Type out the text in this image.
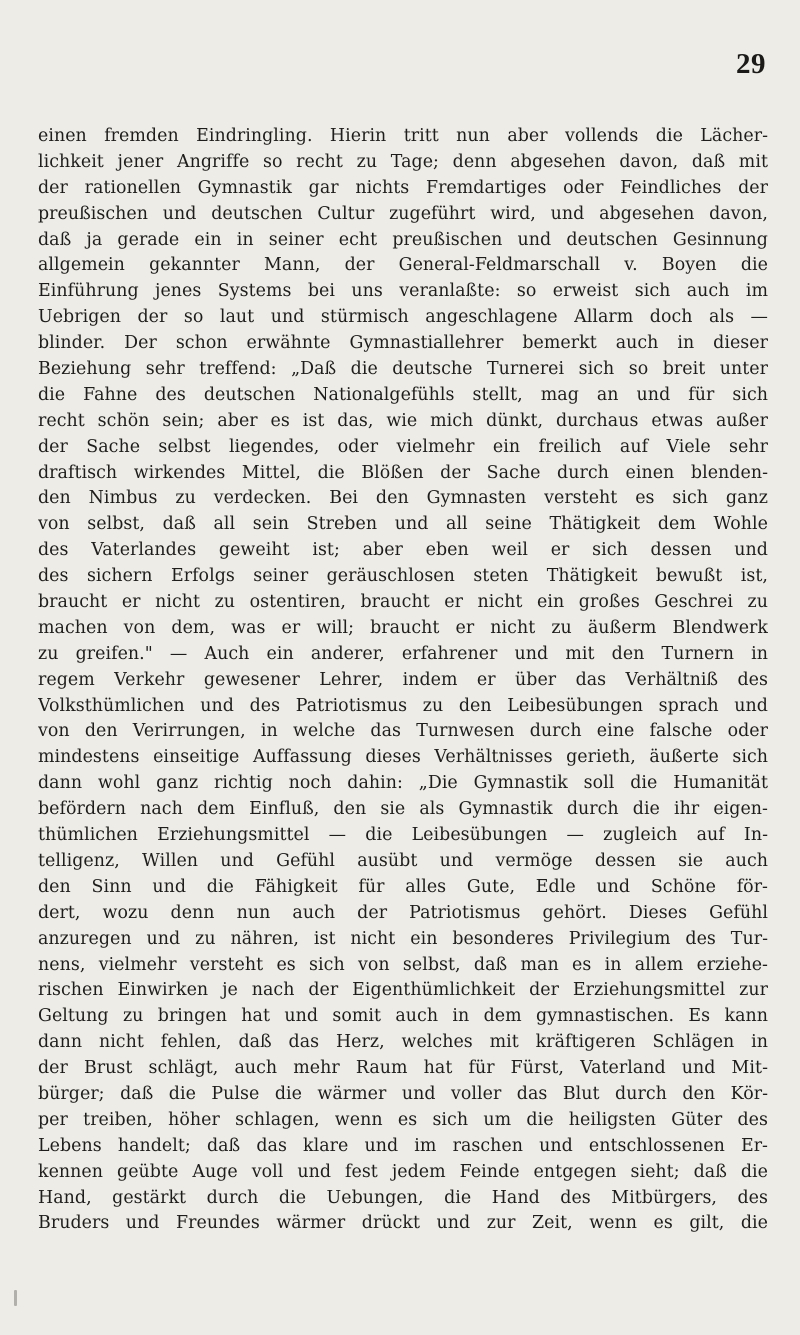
29
einen fremden Eindringling. Hierin tritt nun aber vollends die Lächer-
lichkeit jener Angriffe so recht zu Tage; denn abgesehen davon, daß mit
der rationellen Gymnastik gar nichts Fremdartiges oder Feindliches der
preußischen und deutschen Cultur zugeführt wird, und abgesehen davon,
daß ja gerade ein in seiner echt preußischen und deutschen Gesinnung
allgemein gekannter Mann, der General-Feldmarschall v. Boyen die
Einführung jenes Systems bei uns veranlaßte: so erweist sich auch im
Uebrigen der so laut und stürmisch angeschlagene Allarm doch als —
blinder. Der schon erwähnte Gymnastiallehrer bemerkt auch in dieser
Beziehung sehr treffend: „Daß die deutsche Turnerei sich so breit unter
die Fahne des deutschen Nationalgefühls stellt, mag an und für sich
recht schön sein; aber es ist das, wie mich dünkt, durchaus etwas außer
der Sache selbst liegendes, oder vielmehr ein freilich auf Viele sehr
draftisch wirkendes Mittel, die Blößen der Sache durch einen blenden-
den Nimbus zu verdecken. Bei den Gymnasten versteht es sich ganz
von selbst, daß all sein Streben und all seine Thätigkeit dem Wohle
des Vaterlandes geweiht ist; aber eben weil er sich dessen und
des sichern Erfolgs seiner geräuschlosen steten Thätigkeit bewußt ist,
braucht er nicht zu ostentiren, braucht er nicht ein großes Geschrei zu
machen von dem, was er will; braucht er nicht zu äußerm Blendwerk
zu greifen." — Auch ein anderer, erfahrener und mit den Turnern in
regem Verkehr gewesener Lehrer, indem er über das Verhältniß des
Volksthümlichen und des Patriotismus zu den Leibesübungen sprach und
von den Verirrungen, in welche das Turnwesen durch eine falsche oder
mindestens einseitige Auffassung dieses Verhältnisses gerieth, äußerte sich
dann wohl ganz richtig noch dahin: „Die Gymnastik soll die Humanität
befördern nach dem Einfluß, den sie als Gymnastik durch die ihr eigen-
thümlichen Erziehungsmittel — die Leibesübungen — zugleich auf In-
telligenz, Willen und Gefühl ausübt und vermöge dessen sie auch
den Sinn und die Fähigkeit für alles Gute, Edle und Schöne för-
dert, wozu denn nun auch der Patriotismus gehört. Dieses Gefühl
anzuregen und zu nähren, ist nicht ein besonderes Privilegium des Tur-
nens, vielmehr versteht es sich von selbst, daß man es in allem erziehe-
rischen Einwirken je nach der Eigenthümlichkeit der Erziehungsmittel zur
Geltung zu bringen hat und somit auch in dem gymnastischen. Es kann
dann nicht fehlen, daß das Herz, welches mit kräftigeren Schlägen in
der Brust schlägt, auch mehr Raum hat für Fürst, Vaterland und Mit-
bürger; daß die Pulse die wärmer und voller das Blut durch den Kör-
per treiben, höher schlagen, wenn es sich um die heiligsten Güter des
Lebens handelt; daß das klare und im raschen und entschlossenen Er-
kennen geübte Auge voll und fest jedem Feinde entgegen sieht; daß die
Hand, gestärkt durch die Uebungen, die Hand des Mitbürgers, des
Bruders und Freundes wärmer drückt und zur Zeit, wenn es gilt, die
